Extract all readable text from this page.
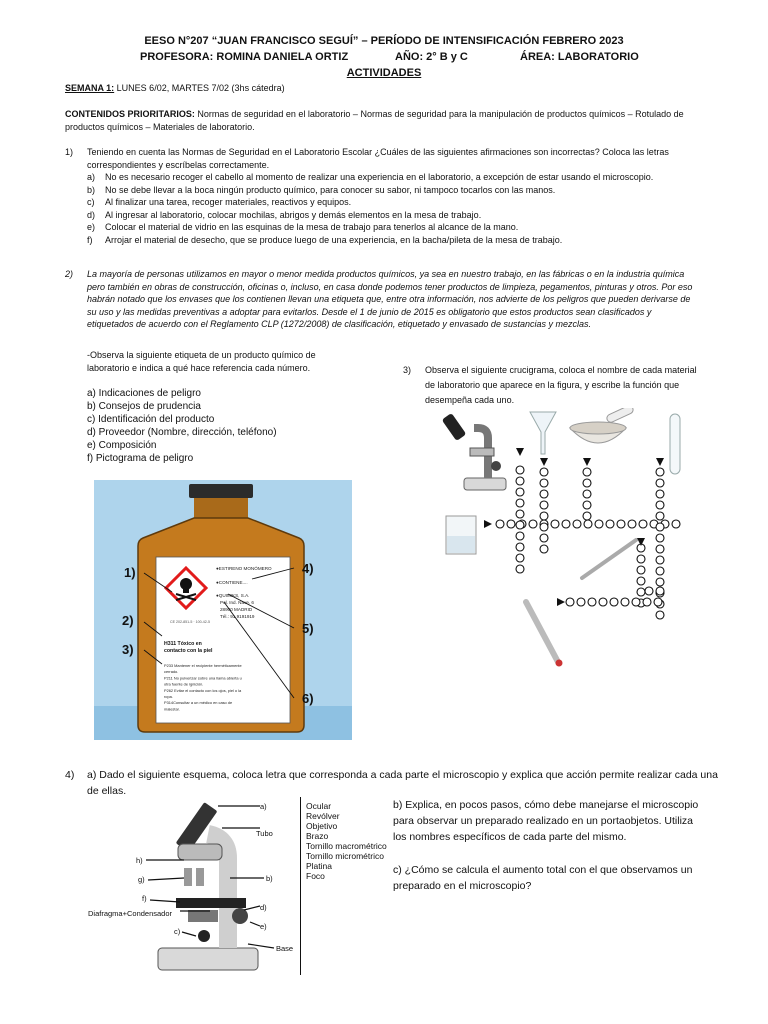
EESO N°207 “JUAN FRANCISCO SEGUÍ” – PERÍODO DE INTENSIFICACIÓN FEBRERO 2023
PROFESORA: ROMINA DANIELA ORTIZ	AÑO: 2° B y C	ÁREA: LABORATORIO
ACTIVIDADES
SEMANA 1: LUNES 6/02, MARTES 7/02 (3hs cátedra)
CONTENIDOS PRIORITARIOS: Normas de seguridad en el laboratorio – Normas de seguridad para la manipulación de productos químicos – Rotulado de productos químicos – Materiales de laboratorio.
1)	Teniendo en cuenta las Normas de Seguridad en el Laboratorio Escolar ¿Cuáles de las siguientes afirmaciones son incorrectas? Coloca las letras correspondientes y escríbelas correctamente.
a)	No es necesario recoger el cabello al momento de realizar una experiencia en el laboratorio, a excepción de estar usando el microscopio.
b)	No se debe llevar a la boca ningún producto químico, para conocer su sabor, ni tampoco tocarlos con las manos.
c)	Al finalizar una tarea, recoger materiales, reactivos y equipos.
d)	Al ingresar al laboratorio, colocar mochilas, abrigos y demás elementos en la mesa de trabajo.
e)	Colocar el material de vidrio en las esquinas de la mesa de trabajo para tenerlos al alcance de la mano.
f)	Arrojar el material de desecho, que se produce luego de una experiencia, en la bacha/pileta de la mesa de trabajo.
2)	La mayoría de personas utilizamos en mayor o menor medida productos químicos, ya sea en nuestro trabajo, en las fábricas o en la industria química pero también en obras de construcción, oficinas o, incluso, en casa donde podemos tener productos de limpieza, pegamentos, pinturas y otros. Por eso habrán notado que los envases que los contienen llevan una etiqueta que, entre otra información, nos advierte de los peligros que pueden derivarse de su uso y las medidas preventivas a adoptar para evitarlos. Desde el 1 de junio de 2015 es obligatorio que estos productos sean clasificados y etiquetados de acuerdo con el Reglamento CLP (1272/2008) de clasificación, etiquetado y envasado de sustancias y mezclas.
-Observa la siguiente etiqueta de un producto químico de laboratorio e indica a qué hace referencia cada número.
a) Indicaciones de peligro
b) Consejos de prudencia
c) Identificación del producto
d) Proveedor (Nombre, dirección, teléfono)
e) Composición
f) Pictograma de peligro
CE 202-851-5 · 100-42-5
●ESTIRENO MONÓMERO
●CONTIENE....
●QUIMIKS, S.A.
Pol. Ind. Nave. 6
28900 MADRID
Tél.: 91 9191919
H311 Tóxico en
contacto con la piel
P233 Mantener el recipiente herméticamente
cerrado.
P211 No pulverizar sobre una llama abierta u
otra fuente de ignición.
P262 Evitar el contacto con los ojos, piel o la
ropa.
P314Consultar a un médico en caso de
malestar.
1)
2)
3)
4)
5)
6)
3)	Observa el siguiente crucigrama, coloca el nombre de cada material de laboratorio que aparece en la figura, y escribe la función que desempeña cada uno.
4)	a) Dado el siguiente esquema, coloca letra que corresponda a cada parte el microscopio y explica que acción permite realizar cada una de ellas.
a)
Tubo
h)
g)	b)
f)
Diafragma+Condensador
d)
e)
c)
Base
Ocular
Revólver
Objetivo
Brazo
Tornillo macrométrico
Tornillo micrométrico
Platina
Foco
b) Explica, en pocos pasos, cómo debe manejarse el microscopio para observar un preparado realizado en un portaobjetos. Utiliza los nombres específicos de cada parte del mismo.
c) ¿Cómo se calcula el aumento total con el que observamos un preparado en el microscopio?
